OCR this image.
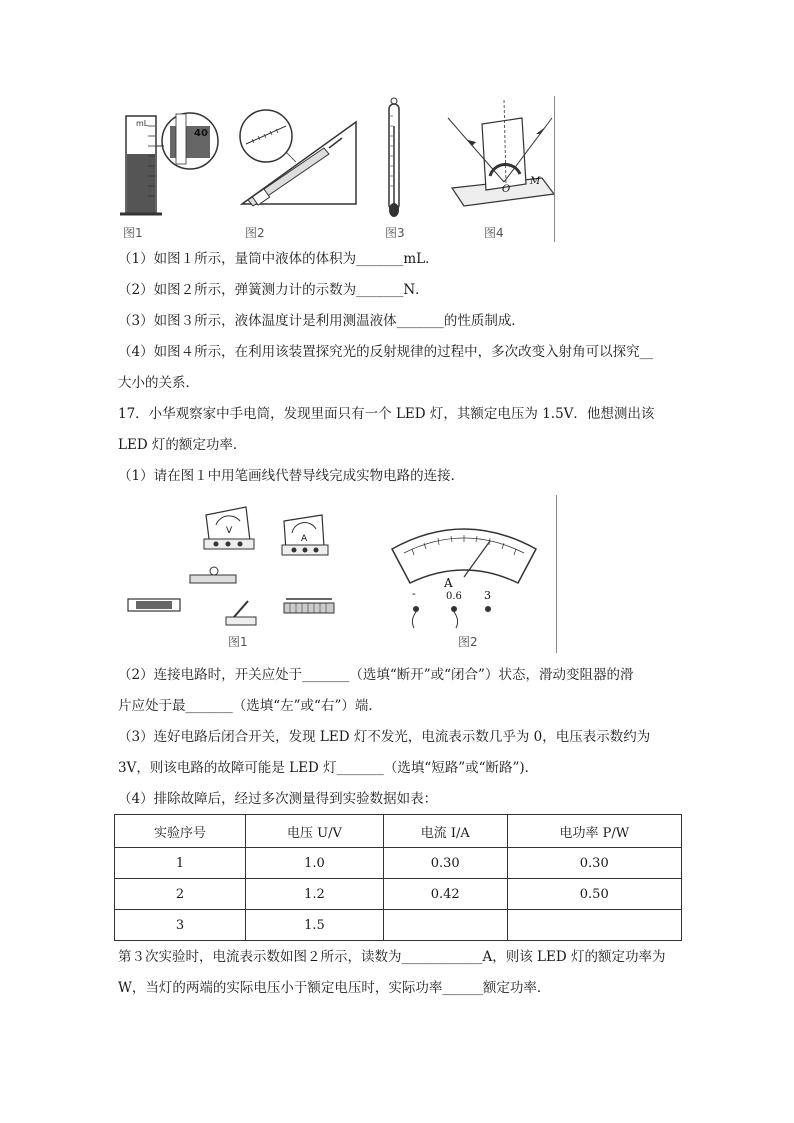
mL
40
O
M
图1	图2	图3	图4
（1）如图１所示，量筒中液体的体积为_______mL．
（2）如图２所示，弹簧测力计的示数为_______N．
（3）如图３所示，液体温度计是利用测温液体_______的性质制成．
（4）如图４所示，在利用该装置探究光的反射规律的过程中，多次改变入射角可以探究__
大小的关系．
17．小华观察家中手电筒，发现里面只有一个 LED 灯，其额定电压为 1.5V．他想测出该
LED 灯的额定功率．
（1）请在图１中用笔画线代替导线完成实物电路的连接．
V
A
A
-	0.6 3
图1	图2
（2）连接电路时，开关应处于_______（选填“断开”或“闭合”）状态，滑动变阻器的滑
片应处于最_______（选填“左”或“右”）端．
（3）连好电路后闭合开关，发现 LED 灯不发光，电流表示数几乎为 0，电压表示数约为
3V，则该电路的故障可能是 LED 灯_______（选填“短路”或“断路”)．
（4）排除故障后，经过多次测量得到实验数据如表：
实验序号	电压 U/V	电流 I/A	电功率 P/W
1	1.0	0.30	0.30
2	1.2	0.42	0.50
3	1.5		
第３次实验时，电流表示数如图２所示，读数为____________A，则该 LED 灯的额定功率为
W，当灯的两端的实际电压小于额定电压时，实际功率______额定功率．
